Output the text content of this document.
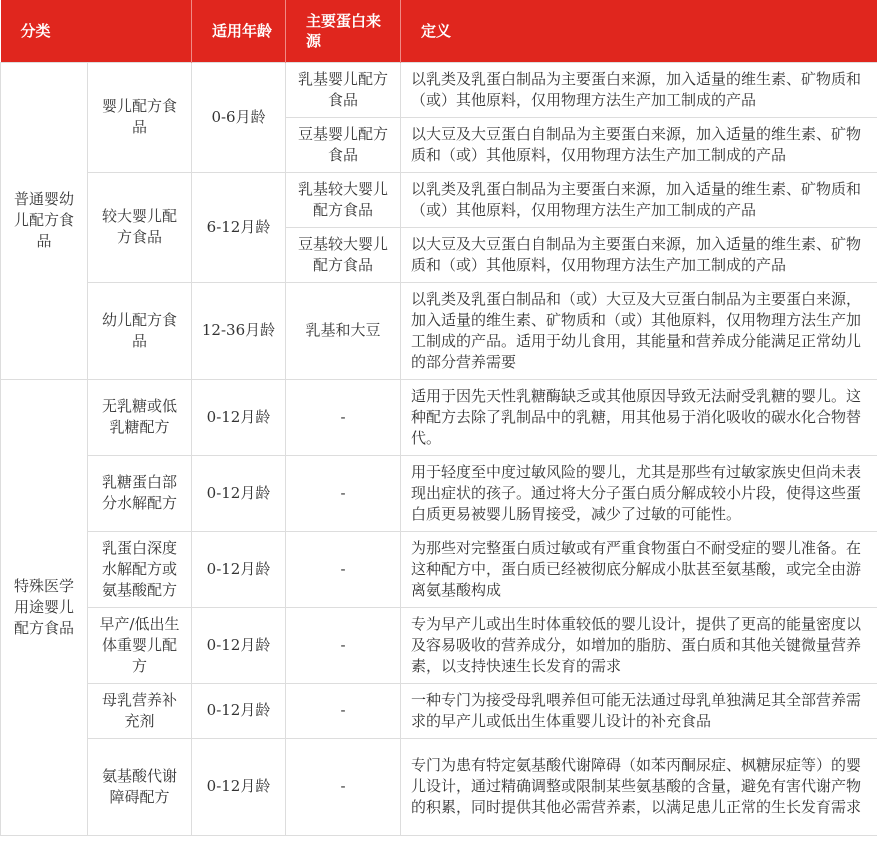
分类		适用年龄	主要蛋白来源	定义
普通婴幼儿配方食品	婴儿配方食品	0-6月龄	乳基婴儿配方食品	以乳类及乳蛋白制品为主要蛋白来源，加入适量的维生素、矿物质和（或）其他原料，仅用物理方法生产加工制成的产品
			豆基婴儿配方食品	以大豆及大豆蛋白自制品为主要蛋白来源，加入适量的维生素、矿物质和（或）其他原料，仅用物理方法生产加工制成的产品
	较大婴儿配方食品	6-12月龄	乳基较大婴儿配方食品	以乳类及乳蛋白制品为主要蛋白来源，加入适量的维生素、矿物质和（或）其他原料，仅用物理方法生产加工制成的产品
			豆基较大婴儿配方食品	以大豆及大豆蛋白自制品为主要蛋白来源，加入适量的维生素、矿物质和（或）其他原料，仅用物理方法生产加工制成的产品
	幼儿配方食品	12-36月龄	乳基和大豆	以乳类及乳蛋白制品和（或）大豆及大豆蛋白制品为主要蛋白来源，加入适量的维生素、矿物质和（或）其他原料，仅用物理方法生产加工制成的产品。适用于幼儿食用，其能量和营养成分能满足正常幼儿的部分营养需要
特殊医学用途婴儿配方食品	无乳糖或低乳糖配方	0-12月龄	-	适用于因先天性乳糖酶缺乏或其他原因导致无法耐受乳糖的婴儿。这种配方去除了乳制品中的乳糖，用其他易于消化吸收的碳水化合物替代。
	乳糖蛋白部分水解配方	0-12月龄	-	用于轻度至中度过敏风险的婴儿，尤其是那些有过敏家族史但尚未表现出症状的孩子。通过将大分子蛋白质分解成较小片段，使得这些蛋白质更易被婴儿肠胃接受，减少了过敏的可能性。
	乳蛋白深度水解配方或氨基酸配方	0-12月龄	-	为那些对完整蛋白质过敏或有严重食物蛋白不耐受症的婴儿准备。在这种配方中，蛋白质已经被彻底分解成小肽甚至氨基酸，或完全由游离氨基酸构成
	早产/低出生体重婴儿配方	0-12月龄	-	专为早产儿或出生时体重较低的婴儿设计，提供了更高的能量密度以及容易吸收的营养成分，如增加的脂肪、蛋白质和其他关键微量营养素，以支持快速生长发育的需求
	母乳营养补充剂	0-12月龄	-	一种专门为接受母乳喂养但可能无法通过母乳单独满足其全部营养需求的早产儿或低出生体重婴儿设计的补充食品
	氨基酸代谢障碍配方	0-12月龄	-	专门为患有特定氨基酸代谢障碍（如苯丙酮尿症、枫糖尿症等）的婴儿设计，通过精确调整或限制某些氨基酸的含量，避免有害代谢产物的积累，同时提供其他必需营养素，以满足患儿正常的生长发育需求
